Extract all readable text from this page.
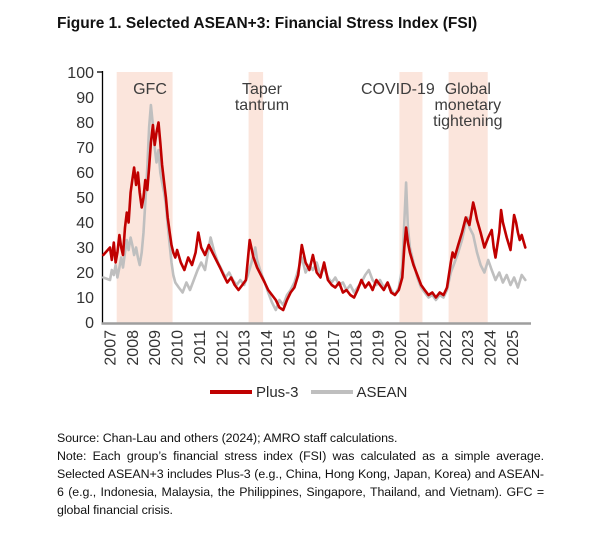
Figure 1. Selected ASEAN+3: Financial Stress Index (FSI)
100
90
80
70
60
50
40
30
20
10
0
2007 2008 2009 2010 2011 2012 2013 2014 2015 2016 2017 2018 2019 2020 2021 2022 2023 2024 2025
GFC	Taper tantrum
COVID-19 Global monetary tightening
Plus-3	ASEAN
Source: Chan-Lau and others (2024); AMRO staff calculations.
Note: Each group’s financial stress index (FSI) was calculated as a simple average. Selected ASEAN+3 includes Plus-3 (e.g., China, Hong Kong, Japan, Korea) and ASEAN-6 (e.g., Indonesia, Malaysia, the Philippines, Singapore, Thailand, and Vietnam). GFC = global financial crisis.
